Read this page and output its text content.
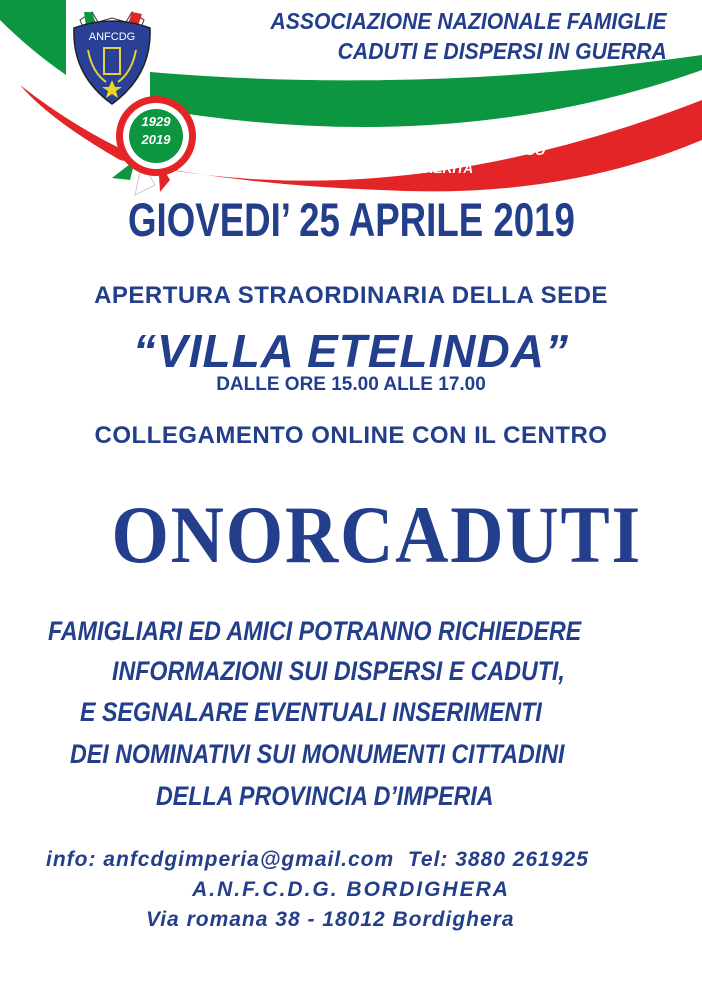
ANFCDG
1929
2019
ASSOCIAZIONE NAZIONALE FAMIGLIE
CADUTI E DISPERSI IN GUERRA
90° ANNIVERSARIO DELLA CASA DI RIPOSO
REGINA MARGHERITA
GIOVEDI’ 25 APRILE 2019
APERTURA STRAORDINARIA DELLA SEDE
“VILLA ETELINDA”
DALLE ORE 15.00 ALLE 17.00
COLLEGAMENTO ONLINE CON IL CENTRO
ONORCADUTI
FAMIGLIARI ED AMICI POTRANNO RICHIEDERE
INFORMAZIONI SUI DISPERSI E CADUTI,
E SEGNALARE EVENTUALI INSERIMENTI
DEI NOMINATIVI SUI MONUMENTI CITTADINI
DELLA PROVINCIA D’IMPERIA
info: anfcdgimperia@gmail.com  Tel: 3880 261925
A.N.F.C.D.G. BORDIGHERA
Via romana 38 - 18012 Bordighera
